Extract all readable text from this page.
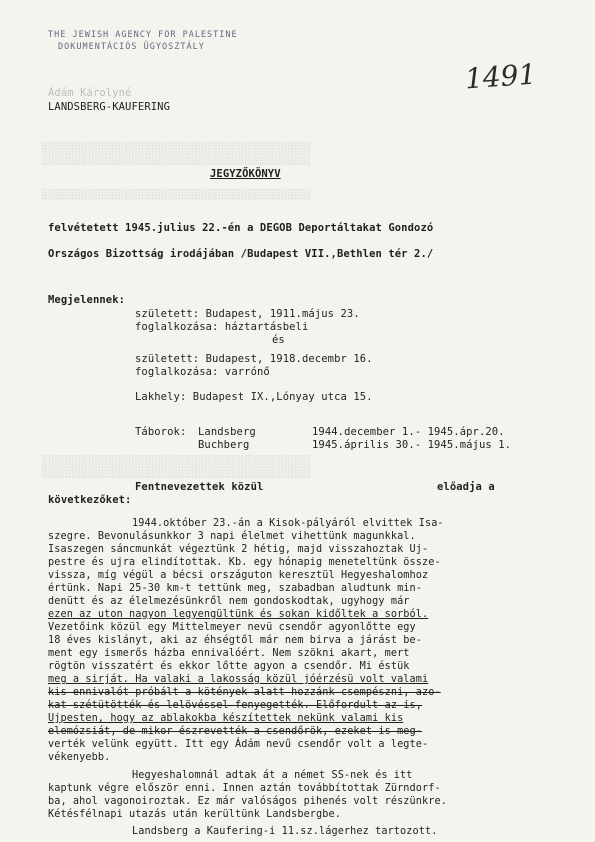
THE JEWISH AGENCY FOR PALESTINE
DOKUMENTÁCIÓS ÜGYOSZTÁLY
1491
Ádám Károlyné
LANDSBERG-KAUFERING
░░░░░░░░░░░░░░░░░░░░░░░░░░░░░░░░░░░░░░░░░░░░░░░
░░░░░░░░░░░░░░░░░░░░░░░░░░░░░░░░░░░░░░░░░░░░░░░
░░░░░░░░░░░░░░░░░░░░░░░░░░░░░░░░░░░░░░░░░░░░░░░
JEGYZŐKÖNYV
felvétetett 1945.julius 22.-én a DEGOB Deportáltakat Gondozó
Országos Bizottság irodájában /Budapest VII.,Bethlen tér 2./
Megjelennek:
született: Budapest, 1911.május 23.
foglalkozása: háztartásbeli
és
született: Budapest, 1918.decembr 16.
foglalkozása: varrónő
Lakhely: Budapest IX.,Lónyay utca 15.
Táborok: Landsberg	1944.december 1.- 1945.ápr.20.
Buchberg	1945.április 30.- 1945.május 1.
░░░░░░░░░░░░░░░░░░░░░░░░░░░░░░░░░░░░░░░░░░░░░░░
░░░░░░░░░░░░░░░░░░░░░░░░░░░░░░░░░░░░░░░░░░░░░░░
Fentnevezettek közül	előadja a
következőket:
1944.október 23.-án a Kisok-pályáról elvittek Isa-
szegre. Bevonulásunkkor 3 napi élelmet vihettünk magunkkal.
Isaszegen sáncmunkát végeztünk 2 hétig, majd visszahoztak Uj-
pestre és ujra elindítottak. Kb. egy hónapig meneteltünk össze-
vissza, míg végül a bécsi országuton keresztül Hegyeshalomhoz
értünk. Napi 25-30 km-t tettünk meg, szabadban aludtunk min-
denütt és az élelmezésünkről nem gondoskodtak, ugyhogy már
ezen az uton nagyon legyengültünk és sokan kidőltek a sorból.
Vezetőink közül egy Mittelmeyer nevü csendőr agyonlőtte egy
18 éves kislányt, aki az éhségtől már nem birva a járást be-
ment egy ismerős házba ennivalóért. Nem szökni akart, mert
rögtön visszatért és ekkor lőtte agyon a csendőr. Mi éstük
meg a sirját. Ha valaki a lakosság közül jóérzésü volt valami
kis ennivalót próbált a kötények alatt hozzánk csempészni, azo-
kat szétütötték és lelövéssel fenyegették. Előfordult az is,
Ujpesten, hogy az ablakokba készítettek nekünk valami kis
elemózsiát, de mikor észrevették a csendőrök, ezeket is meg-
verték velünk együtt. Itt egy Ádám nevű csendőr volt a legte-
vékenyebb.
Hegyeshalomnál adtak át a német SS-nek és itt
kaptunk végre először enni. Innen aztán továbbítottak Zürndorf-
ba, ahol vagonoiroztak. Ez már valóságos pihenés volt részünkre.
Kétésfélnapi utazás után kerültünk Landsbergbe.
Landsberg a Kaufering-i 11.sz.lágerhez tartozott.
